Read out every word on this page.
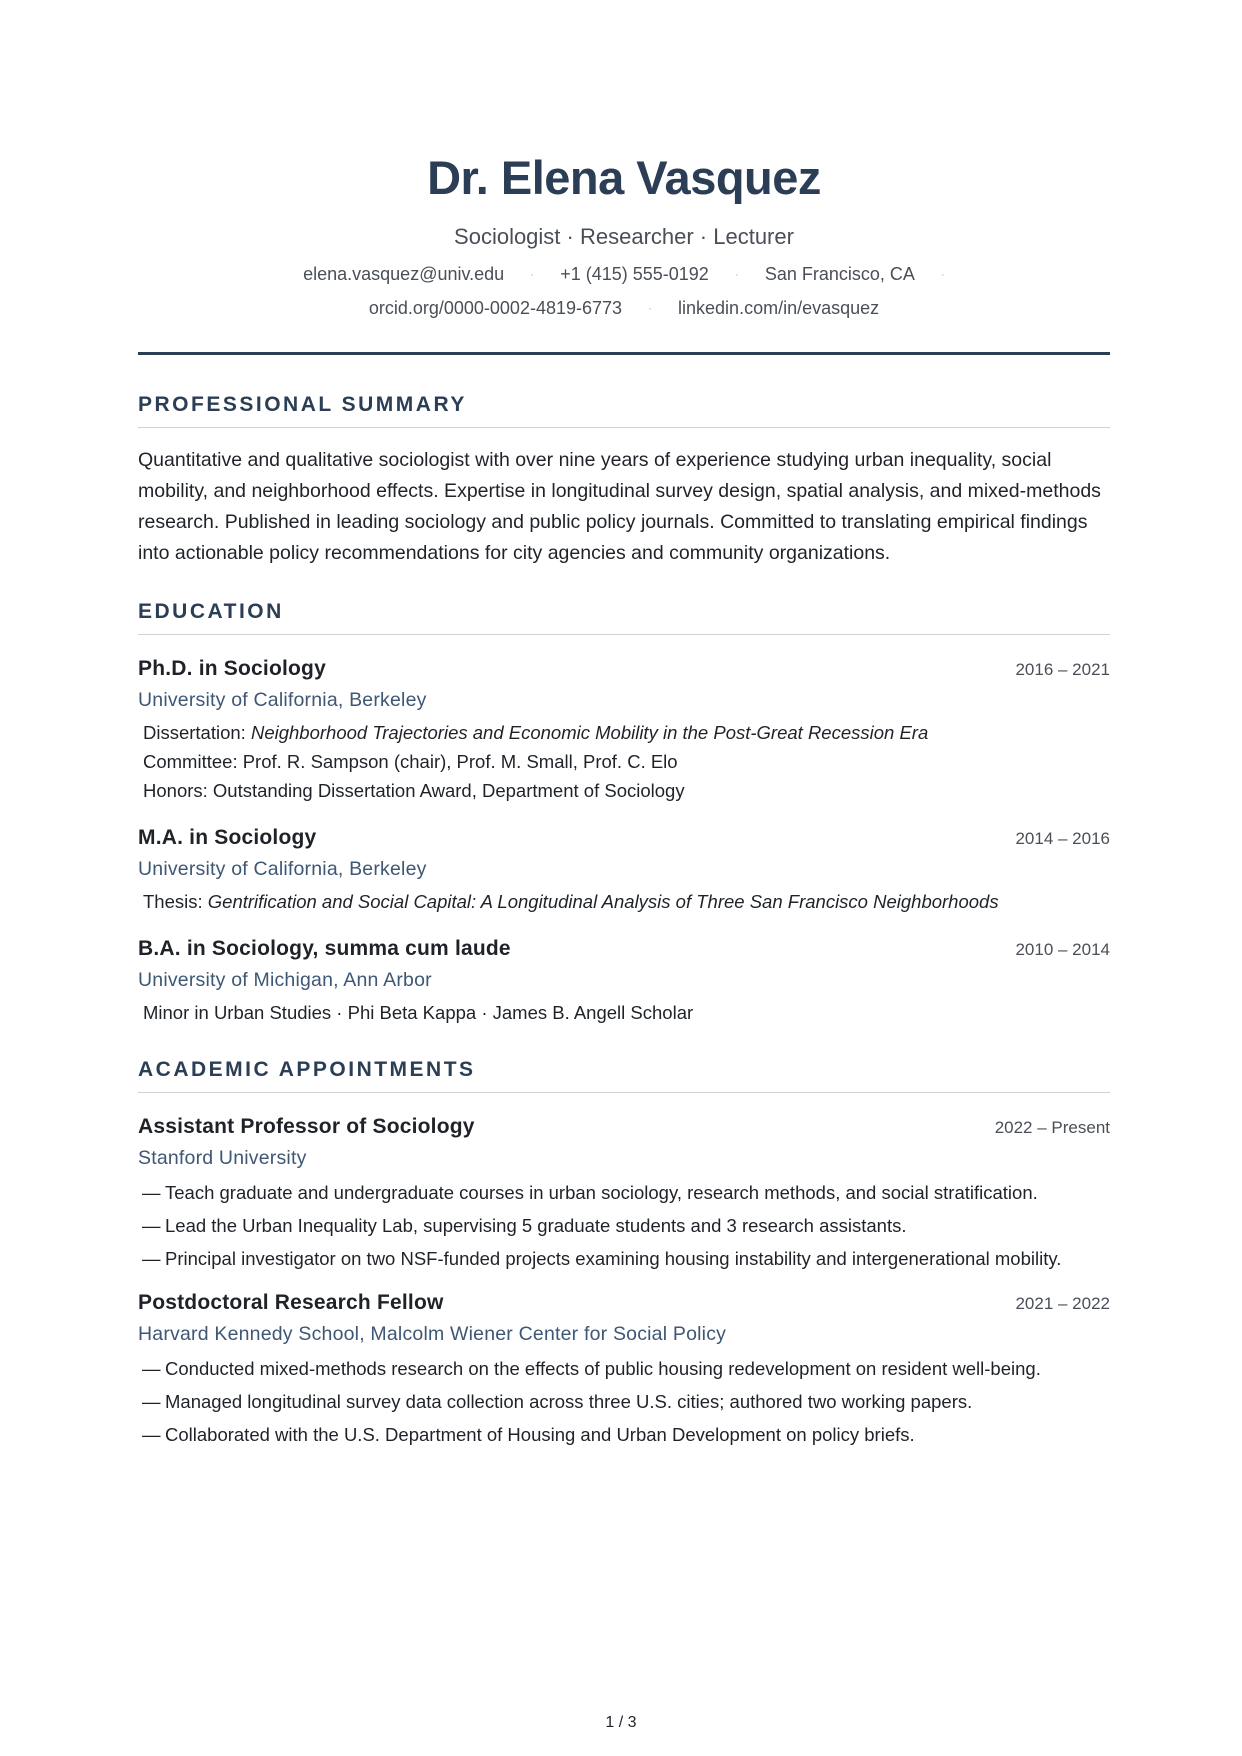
Dr. Elena Vasquez
Sociologist · Researcher · Lecturer
elena.vasquez@univ.edu · +1 (415) 555-0192 · San Francisco, CA ·
orcid.org/0000-0002-4819-6773 · linkedin.com/in/evasquez
PROFESSIONAL SUMMARY

Quantitative and qualitative sociologist with over nine years of experience studying urban inequality, social mobility, and neighborhood effects. Expertise in longitudinal survey design, spatial analysis, and mixed-methods research. Published in leading sociology and public policy journals. Committed to translating empirical findings into actionable policy recommendations for city agencies and community organizations.

EDUCATION
Ph.D. in Sociology	2016 – 2021
University of California, Berkeley
Dissertation: Neighborhood Trajectories and Economic Mobility in the Post-Great Recession Era
Committee: Prof. R. Sampson (chair), Prof. M. Small, Prof. C. Elo
Honors: Outstanding Dissertation Award, Department of Sociology
M.A. in Sociology	2014 – 2016
University of California, Berkeley
Thesis: Gentrification and Social Capital: A Longitudinal Analysis of Three San Francisco Neighborhoods
B.A. in Sociology, summa cum laude	2010 – 2014
University of Michigan, Ann Arbor
Minor in Urban Studies · Phi Beta Kappa · James B. Angell Scholar
ACADEMIC APPOINTMENTS
Assistant Professor of Sociology	2022 – Present
Stanford University
— Teach graduate and undergraduate courses in urban sociology, research methods, and social stratification.
— Lead the Urban Inequality Lab, supervising 5 graduate students and 3 research assistants.
— Principal investigator on two NSF-funded projects examining housing instability and intergenerational mobility.
Postdoctoral Research Fellow	2021 – 2022
Harvard Kennedy School, Malcolm Wiener Center for Social Policy
— Conducted mixed-methods research on the effects of public housing redevelopment on resident well-being.
— Managed longitudinal survey data collection across three U.S. cities; authored two working papers.
— Collaborated with the U.S. Department of Housing and Urban Development on policy briefs.
1 / 3
